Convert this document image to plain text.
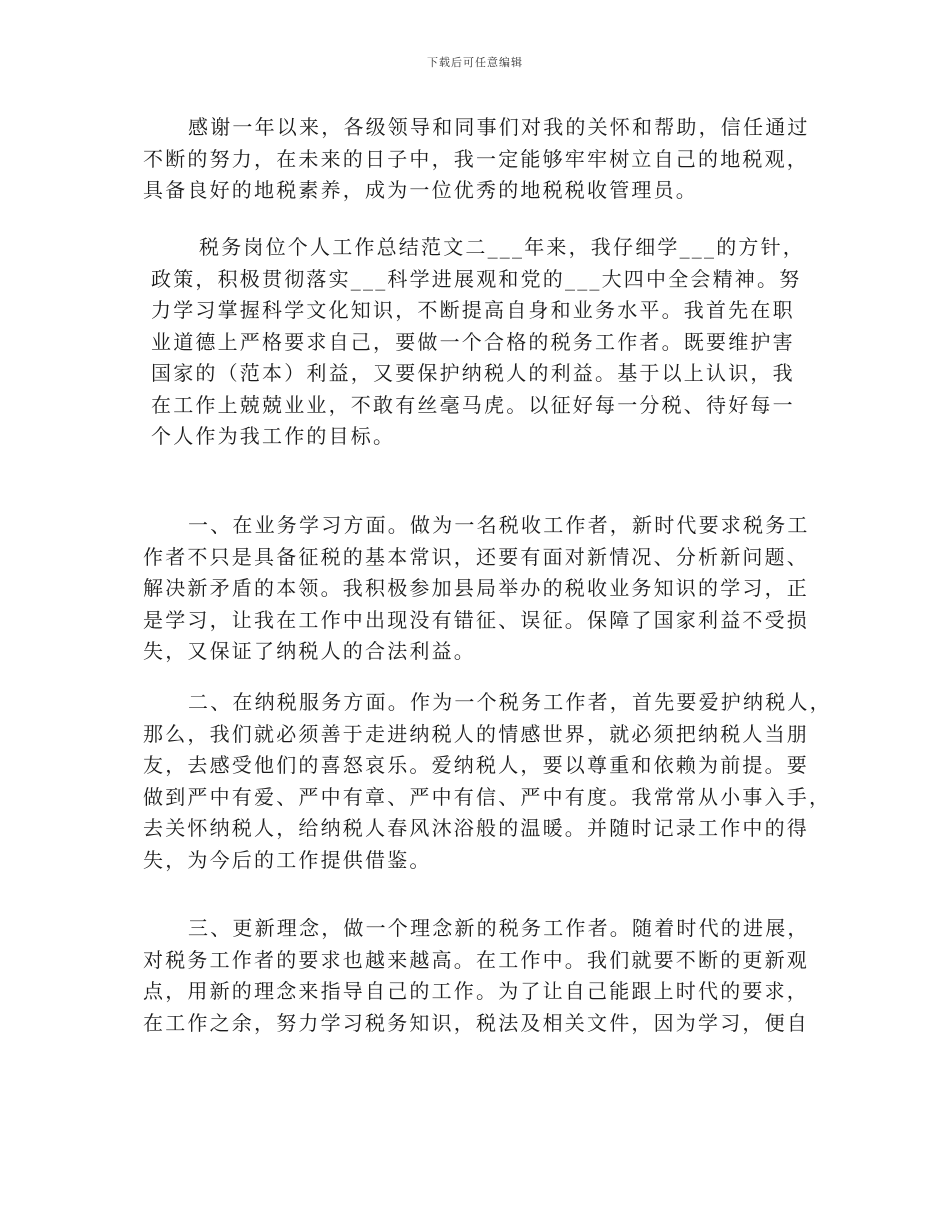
下载后可任意编辑
感谢一年以来，各级领导和同事们对我的关怀和帮助，信任通过
不断的努力，在未来的日子中，我一定能够牢牢树立自己的地税观，
具备良好的地税素养，成为一位优秀的地税税收管理员。
税务岗位个人工作总结范文二___年来，我仔细学___的方针，
政策，积极贯彻落实___科学进展观和党的___大四中全会精神。努
力学习掌握科学文化知识，不断提高自身和业务水平。我首先在职
业道德上严格要求自己，要做一个合格的税务工作者。既要维护害
国家的（范本）利益，又要保护纳税人的利益。基于以上认识，我
在工作上兢兢业业，不敢有丝毫马虎。以征好每一分税、待好每一
个人作为我工作的目标。
一、在业务学习方面。做为一名税收工作者，新时代要求税务工
作者不只是具备征税的基本常识，还要有面对新情况、分析新问题、
解决新矛盾的本领。我积极参加县局举办的税收业务知识的学习，正
是学习，让我在工作中出现没有错征、误征。保障了国家利益不受损
失，又保证了纳税人的合法利益。
二、在纳税服务方面。作为一个税务工作者，首先要爱护纳税人，
那么，我们就必须善于走进纳税人的情感世界，就必须把纳税人当朋
友，去感受他们的喜怒哀乐。爱纳税人，要以尊重和依赖为前提。要
做到严中有爱、严中有章、严中有信、严中有度。我常常从小事入手，
去关怀纳税人，给纳税人春风沐浴般的温暖。并随时记录工作中的得
失，为今后的工作提供借鉴。
三、更新理念，做一个理念新的税务工作者。随着时代的进展，
对税务工作者的要求也越来越高。在工作中。我们就要不断的更新观
点，用新的理念来指导自己的工作。为了让自己能跟上时代的要求，
在工作之余，努力学习税务知识，税法及相关文件，因为学习，便自
